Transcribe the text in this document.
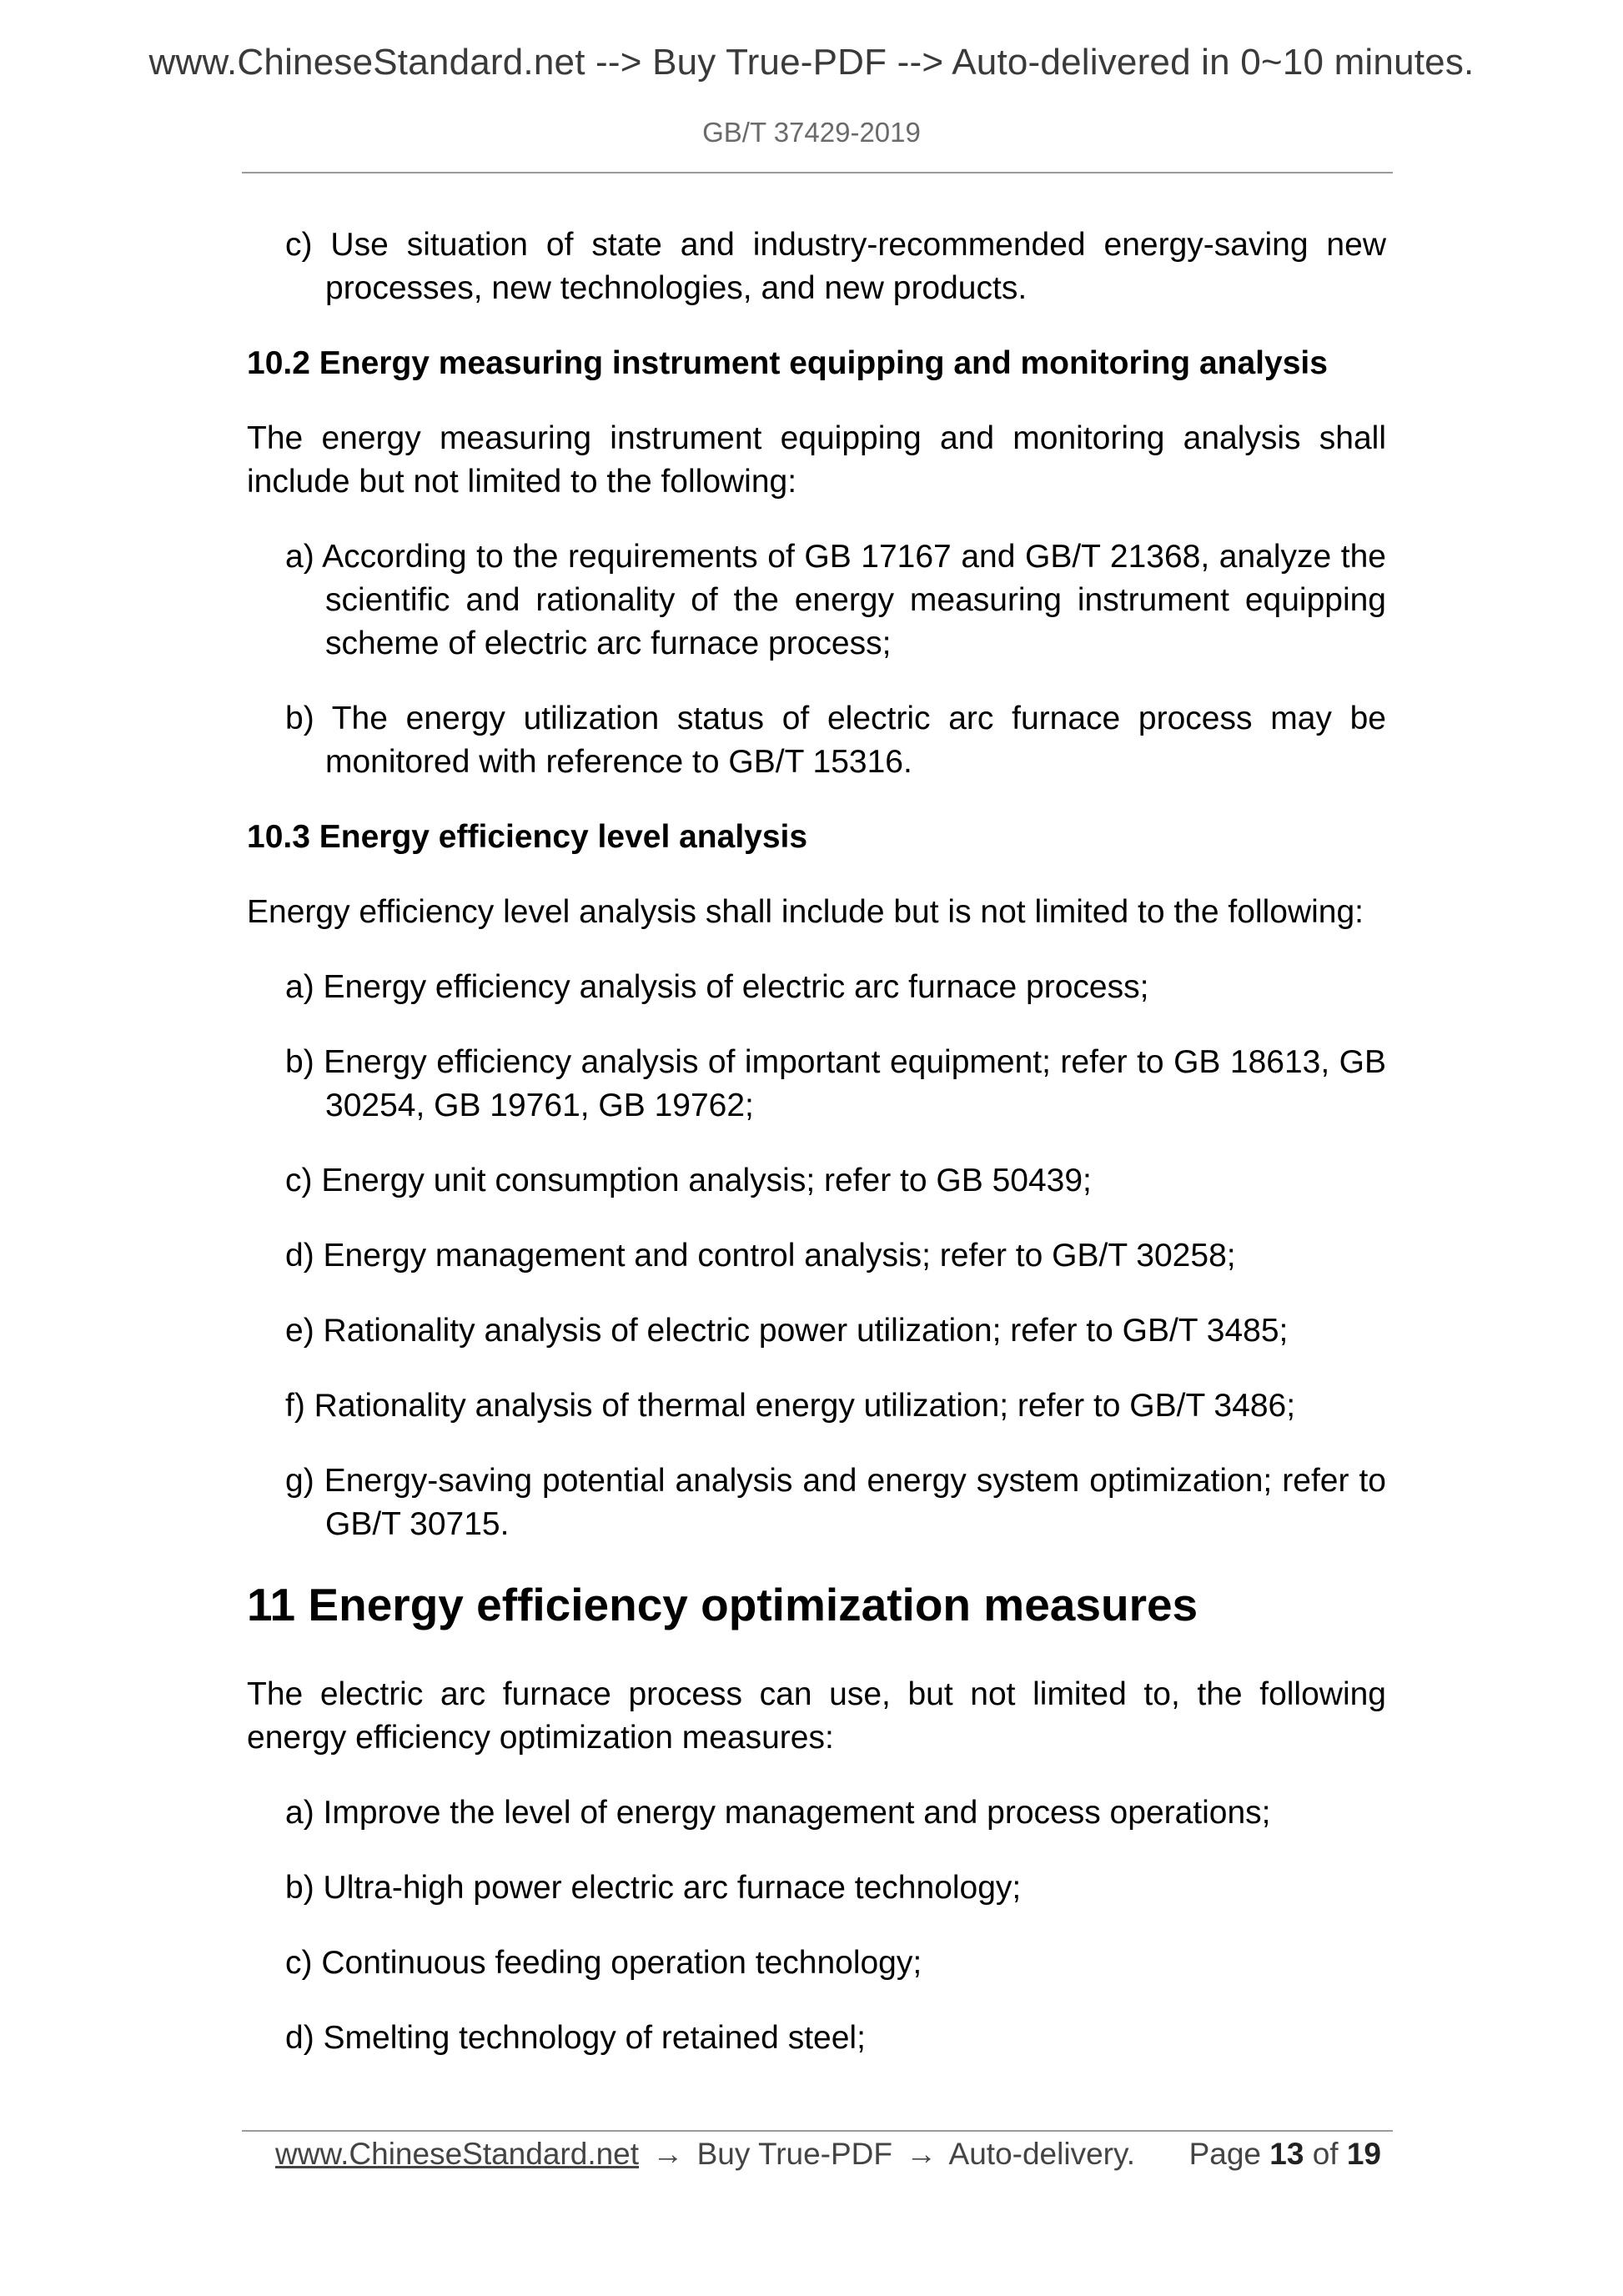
www.ChineseStandard.net --> Buy True-PDF --> Auto-delivered in 0~10 minutes.
GB/T 37429-2019
c) Use situation of state and industry-recommended energy-saving new processes, new technologies, and new products.
10.2 Energy measuring instrument equipping and monitoring analysis
The energy measuring instrument equipping and monitoring analysis shall include but not limited to the following:
a) According to the requirements of GB 17167 and GB/T 21368, analyze the scientific and rationality of the energy measuring instrument equipping scheme of electric arc furnace process;
b) The energy utilization status of electric arc furnace process may be monitored with reference to GB/T 15316.
10.3 Energy efficiency level analysis
Energy efficiency level analysis shall include but is not limited to the following:
a) Energy efficiency analysis of electric arc furnace process;
b) Energy efficiency analysis of important equipment; refer to GB 18613, GB 30254, GB 19761, GB 19762;
c) Energy unit consumption analysis; refer to GB 50439;
d) Energy management and control analysis; refer to GB/T 30258;
e) Rationality analysis of electric power utilization; refer to GB/T 3485;
f) Rationality analysis of thermal energy utilization; refer to GB/T 3486;
g) Energy-saving potential analysis and energy system optimization; refer to GB/T 30715.
11 Energy efficiency optimization measures
The electric arc furnace process can use, but not limited to, the following energy efficiency optimization measures:
a) Improve the level of energy management and process operations;
b) Ultra-high power electric arc furnace technology;
c) Continuous feeding operation technology;
d) Smelting technology of retained steel;
www.ChineseStandard.net → Buy True-PDF → Auto-delivery. Page 13 of 19
